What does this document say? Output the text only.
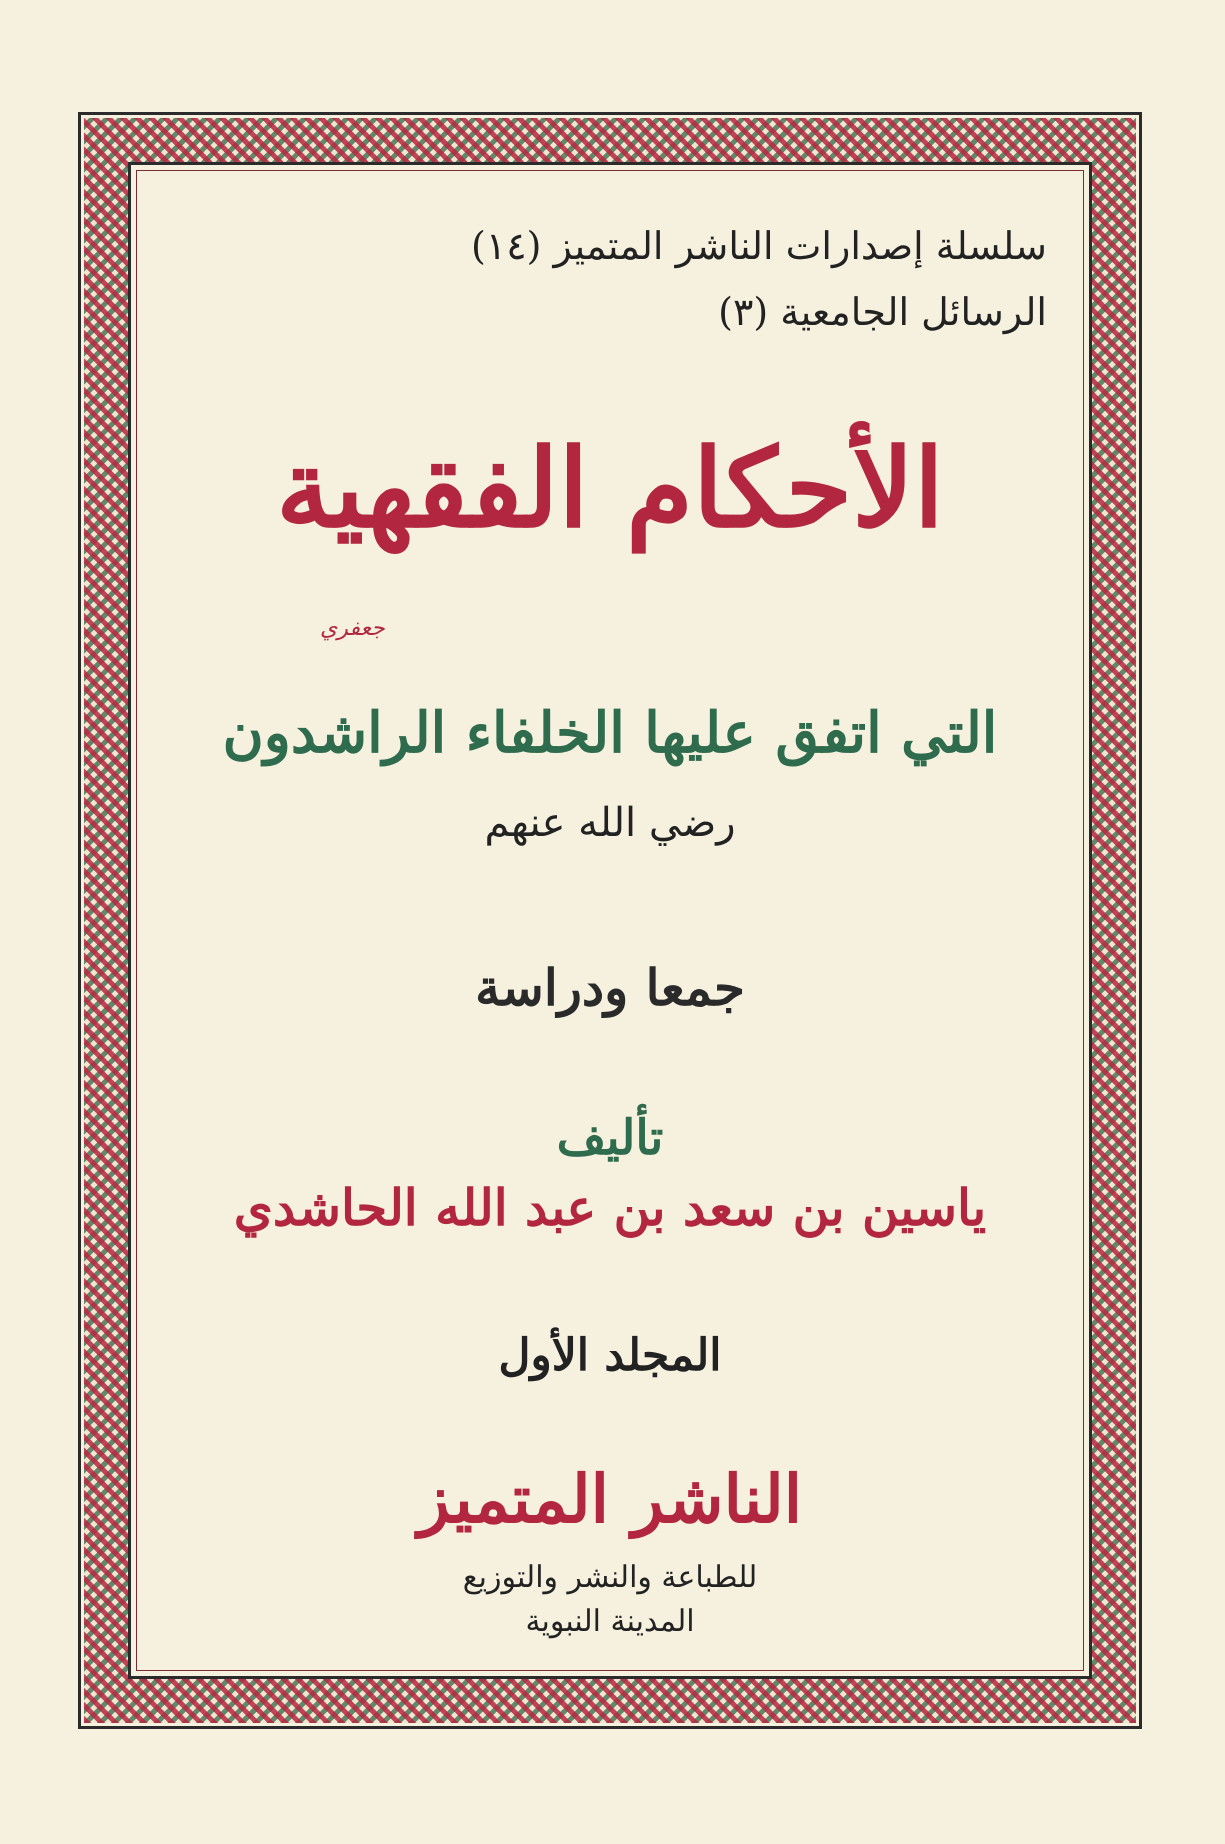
سلسلة إصدارات الناشر المتميز (١٤)
الرسائل الجامعية (٣)
الأحكام الفقهية
جعفري
التي اتفق عليها الخلفاء الراشدون
رضي الله عنهم
جمعا ودراسة
تأليف
ياسين بن سعد بن عبد الله الحاشدي
المجلد الأول
الناشر المتميز
للطباعة والنشر والتوزيع
المدينة النبوية
